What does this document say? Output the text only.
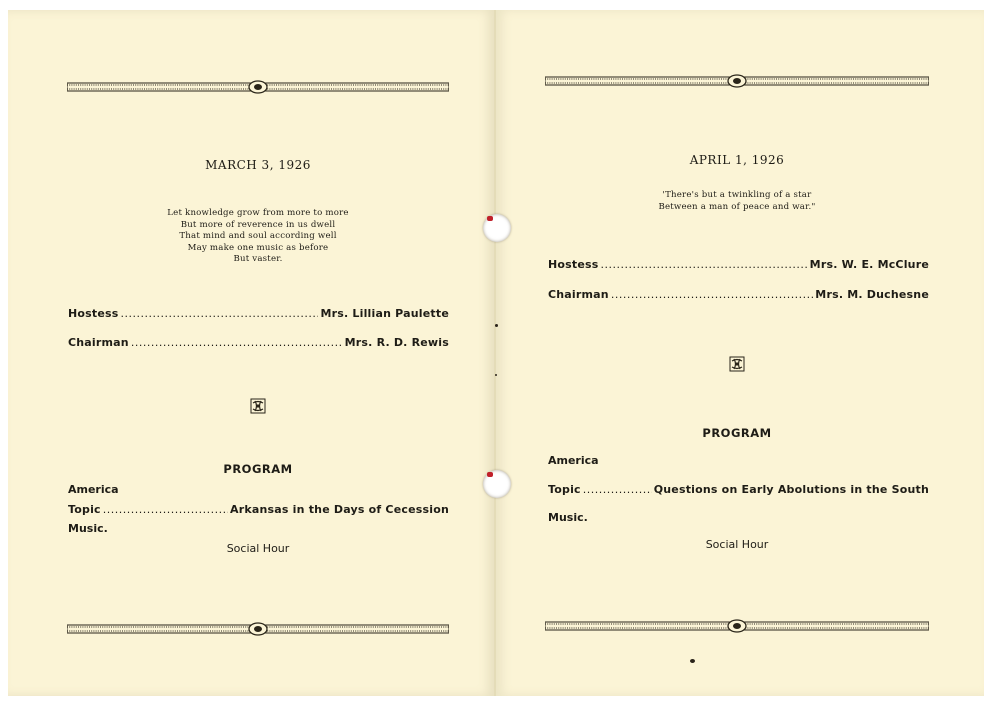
MARCH 3, 1926
Let knowledge grow from more to more
But more of reverence in us dwell
That mind and soul according well
May make one music as before
But vaster.
Hostess .....	Mrs. Lillian Paulette
Chairman .....	Mrs. R. D. Rewis
PROGRAM
America
Topic .....	Arkansas in the Days of Cecession
Music.
Social Hour
APRIL 1, 1926
'There's but a twinkling of a star
Between a man of peace and war."
Hostess .....	Mrs. W. E. McClure
Chairman .....	Mrs. M. Duchesne
PROGRAM
America
Topic .....	Questions on Early Abolutions in the South
Music.
Social Hour
